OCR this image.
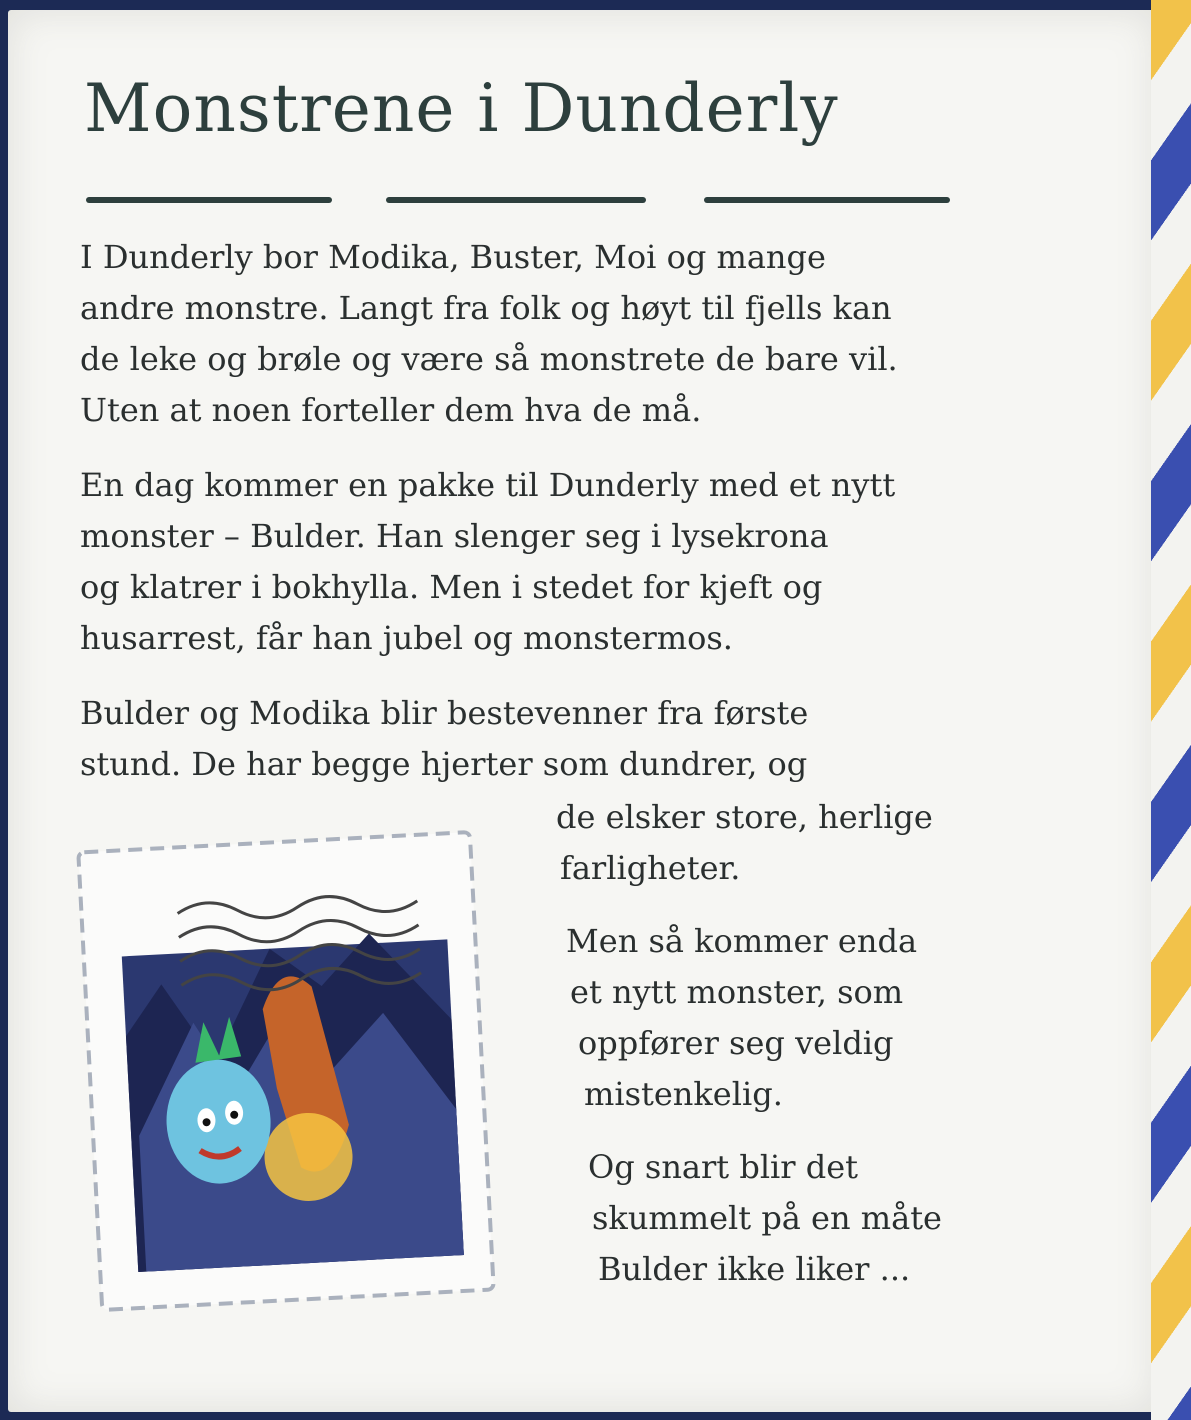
Monstrene i Dunderly

I Dunderly bor Modika, Buster, Moi og mange
andre monstre. Langt fra folk og høyt til fjells kan
de leke og brøle og være så monstrete de bare vil.
Uten at noen forteller dem hva de må.

En dag kommer en pakke til Dunderly med et nytt
monster – Bulder. Han slenger seg i lysekrona
og klatrer i bokhylla. Men i stedet for kjeft og
husarrest, får han jubel og monstermos.

Bulder og Modika blir bestevenner fra første
stund. De har begge hjerter som dundrer, og

de elsker store, herlige
farligheter.

Men så kommer enda
et nytt monster, som
oppfører seg veldig
mistenkelig.

Og snart blir det
skummelt på en måte
Bulder ikke liker ...
